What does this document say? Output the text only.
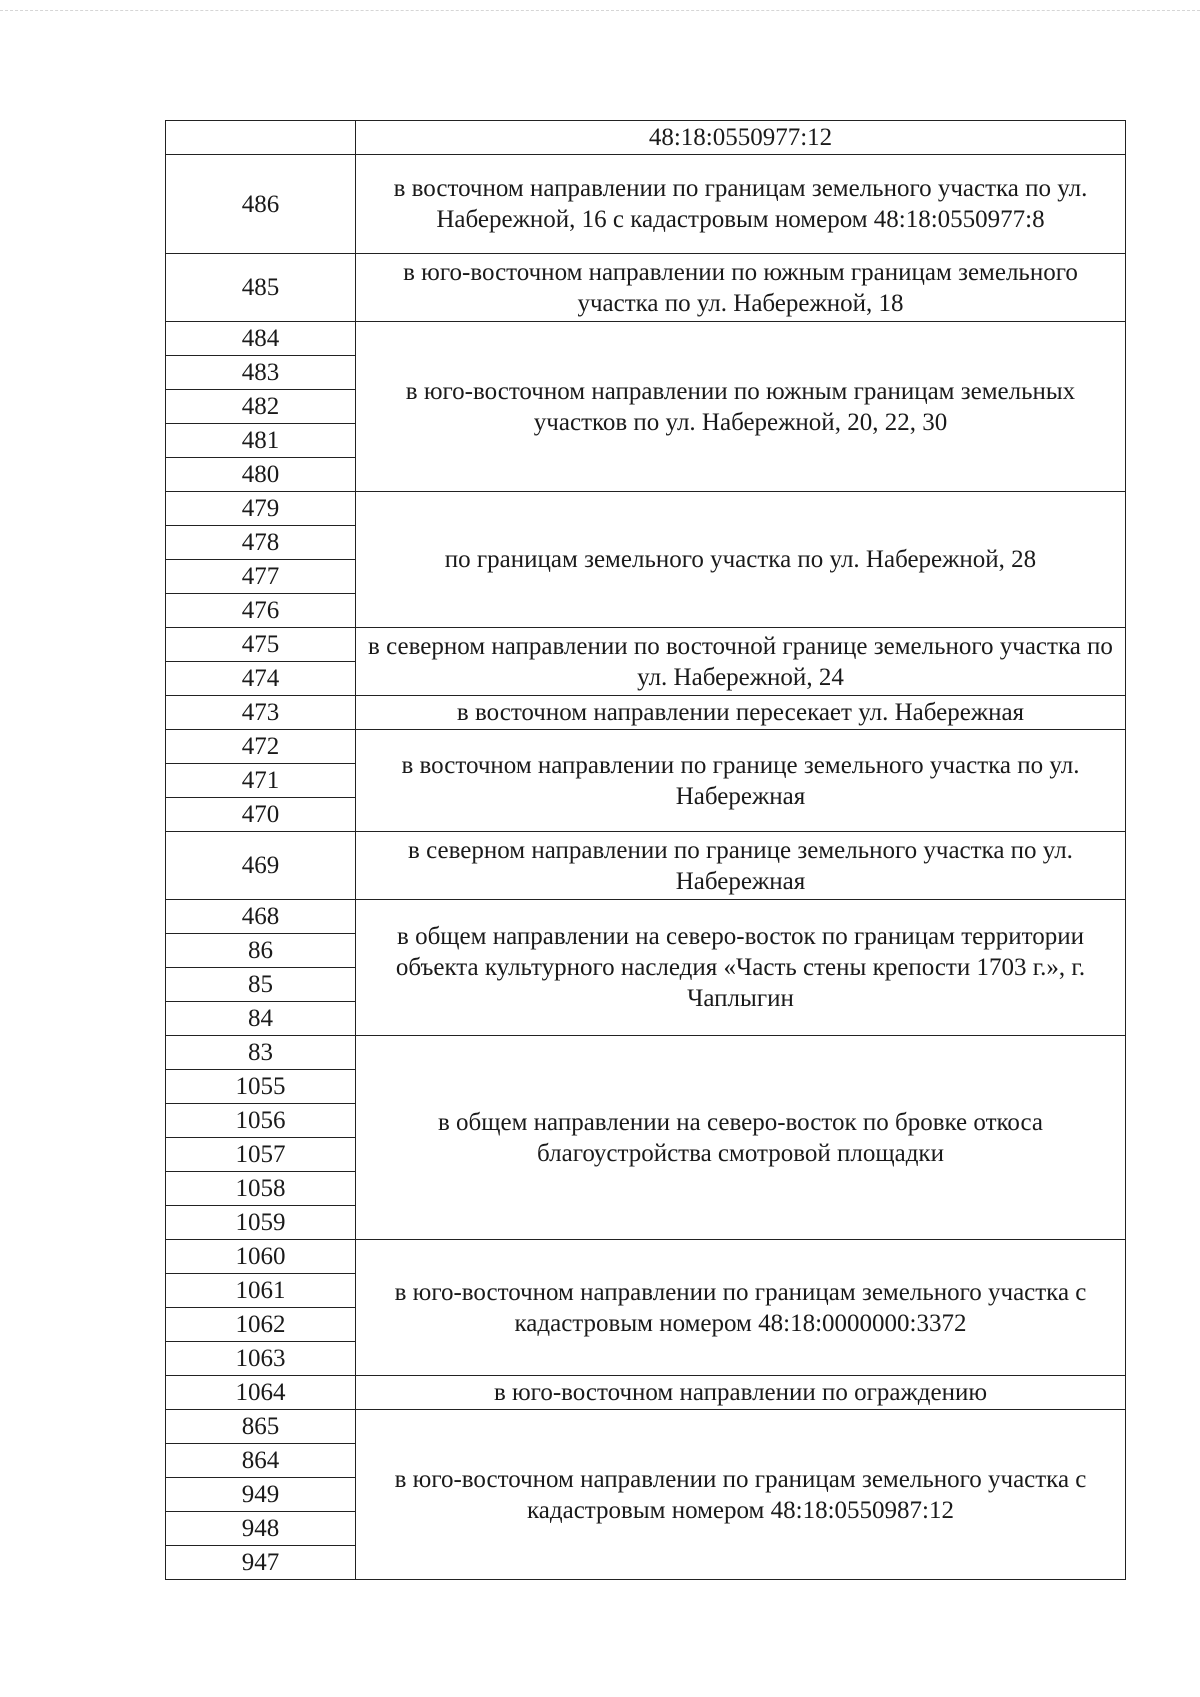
	48:18:0550977:12
486	в восточном направлении по границам земельного участка по ул. Набережной, 16 с кадастровым номером 48:18:0550977:8
485	в юго-восточном направлении по южным границам земельного участка по ул. Набережной, 18
484	в юго-восточном направлении по южным границам земельных участков по ул. Набережной, 20, 22, 30
483	
482	
481	
480	
479	по границам земельного участка по ул. Набережной, 28
478	
477	
476	
475	в северном направлении по восточной границе земельного участка по ул. Набережной, 24
474	
473	в восточном направлении пересекает ул. Набережная
472	в восточном направлении по границе земельного участка по ул. Набережная
471	
470	
469	в северном направлении по границе земельного участка по ул. Набережная
468	в общем направлении на северо-восток по границам территории объекта культурного наследия «Часть стены крепости 1703 г.», г. Чаплыгин
86	
85	
84	
83	в общем направлении на северо-восток по бровке откоса благоустройства смотровой площадки
1055	
1056	
1057	
1058	
1059	
1060	в юго-восточном направлении по границам земельного участка с кадастровым номером 48:18:0000000:3372
1061	
1062	
1063	
1064	в юго-восточном направлении по ограждению
865	в юго-восточном направлении по границам земельного участка с кадастровым номером 48:18:0550987:12
864	
949	
948	
947	
